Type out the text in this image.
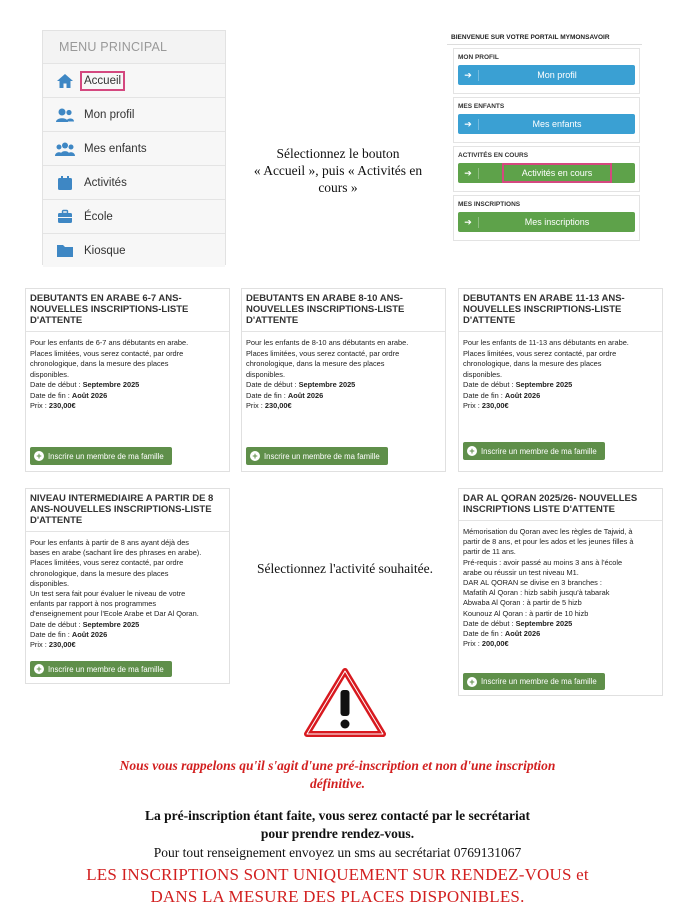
MENU PRINCIPAL
Accueil
Mon profil
Mes enfants
Activités
École
Kiosque
Sélectionnez le bouton
« Accueil », puis « Activités en
cours »
BIENVENUE SUR VOTRE PORTAIL MYMONSAVOIR
MON PROFIL
➔	Mon profil
MES ENFANTS
➔	Mes enfants
ACTIVITÉS EN COURS
➔	Activités en cours
MES INSCRIPTIONS
➔	Mes inscriptions
DEBUTANTS EN ARABE 6-7 ANS-NOUVELLES INSCRIPTIONS-LISTE D'ATTENTE
Pour les enfants de 6-7 ans débutants en arabe.
Places limitées, vous serez contacté, par ordre
chronologique, dans la mesure des places
disponibles.
Date de début : Septembre 2025
Date de fin : Août 2026
Prix : 230,00€
+ Inscrire un membre de ma famille
DEBUTANTS EN ARABE 8-10 ANS-NOUVELLES INSCRIPTIONS-LISTE D'ATTENTE
Pour les enfants de 8-10 ans débutants en arabe.
Places limitées, vous serez contacté, par ordre
chronologique, dans la mesure des places
disponibles.
Date de début : Septembre 2025
Date de fin : Août 2026
Prix : 230,00€
+ Inscrire un membre de ma famille
DEBUTANTS EN ARABE 11-13 ANS-NOUVELLES INSCRIPTIONS-LISTE D'ATTENTE
Pour les enfants de 11-13 ans débutants en arabe.
Places limitées, vous serez contacté, par ordre
chronologique, dans la mesure des places
disponibles.
Date de début : Septembre 2025
Date de fin : Août 2026
Prix : 230,00€
+ Inscrire un membre de ma famille
NIVEAU INTERMEDIAIRE A PARTIR DE 8 ANS-NOUVELLES INSCRIPTIONS-LISTE D'ATTENTE
Pour les enfants à partir de 8 ans ayant déjà des
bases en arabe (sachant lire des phrases en arabe).
Places limitées, vous serez contacté, par ordre
chronologique, dans la mesure des places
disponibles.
Un test sera fait pour évaluer le niveau de votre
enfants par rapport à nos programmes
d'enseignement pour l'Ecole Arabe et Dar Al Qoran.
Date de début : Septembre 2025
Date de fin : Août 2026
Prix : 230,00€
+ Inscrire un membre de ma famille
Sélectionnez l'activité souhaitée.
DAR AL QORAN 2025/26- NOUVELLES INSCRIPTIONS LISTE D'ATTENTE
Mémorisation du Qoran avec les règles de Tajwid, à
partir de 8 ans, et pour les ados et les jeunes filles à
partir de 11 ans.
Pré-requis : avoir passé au moins 3 ans à l'école
arabe ou réussir un test niveau M1.
DAR AL QORAN se divise en 3 branches :
Mafatih Al Qoran : hizb sabih jusqu'à tabarak
Abwaba Al Qoran : à partir de 5 hizb
Kounouz Al Qoran : à partir de 10 hizb
Date de début : Septembre 2025
Date de fin : Août 2026
Prix : 200,00€
+ Inscrire un membre de ma famille
Nous vous rappelons qu'il s'agit d'une pré-inscription et non d'une inscription
définitive.
La pré-inscription étant faite, vous serez contacté par le secrétariat
pour prendre rendez-vous.
Pour tout renseignement envoyez un sms au secrétariat 0769131067
LES INSCRIPTIONS SONT UNIQUEMENT SUR RENDEZ-VOUS et
DANS LA MESURE DES PLACES DISPONIBLES.
